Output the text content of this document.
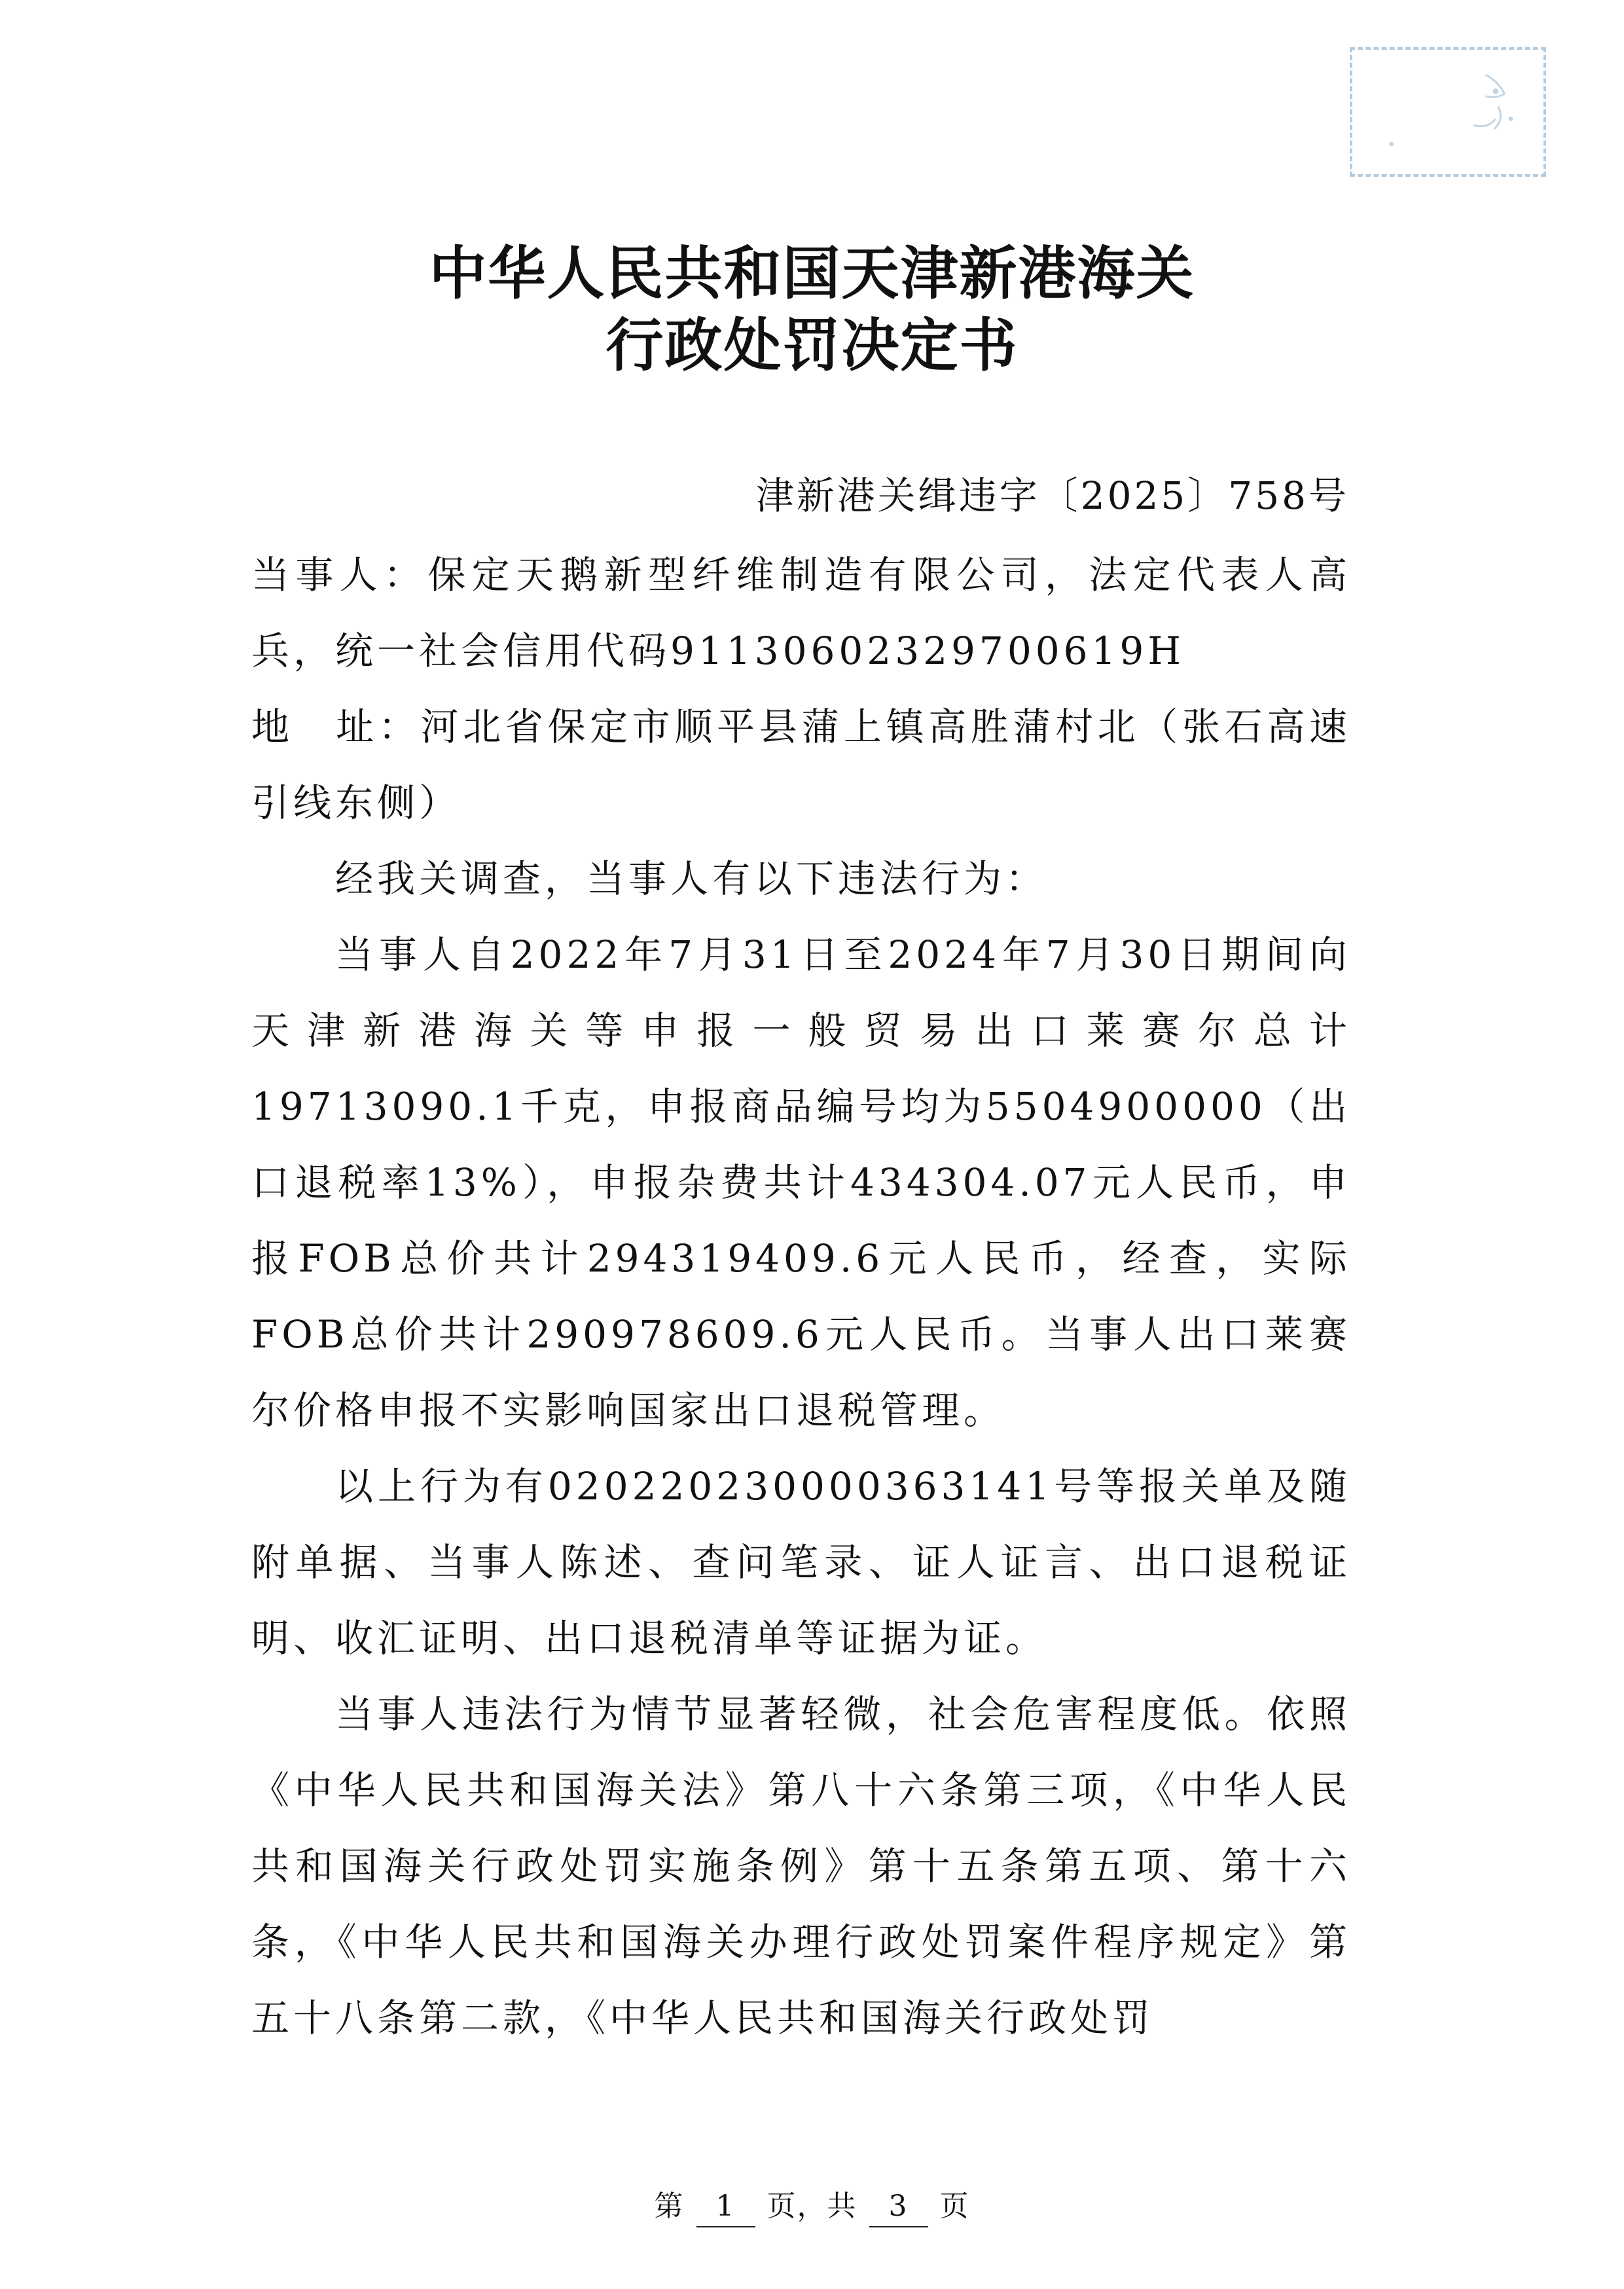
中华人民共和国天津新港海关
行政处罚决定书
津新港关缉违字〔2025〕758号

当事人：保定天鹅新型纤维制造有限公司，法定代表人高兵，统一社会信用代码91130602329700619H

地　址：河北省保定市顺平县蒲上镇高胜蒲村北（张石高速引线东侧）

经我关调查，当事人有以下违法行为：

当事人自2022年7月31日至2024年7月30日期间向天津新港海关等申报一般贸易出口莱赛尔总计19713090.1千克，申报商品编号均为5504900000（出口退税率13%），申报杂费共计434304.07元人民币，申报FOB总价共计294319409.6元人民币，经查，实际FOB总价共计290978609.6元人民币。当事人出口莱赛尔价格申报不实影响国家出口退税管理。

以上行为有020220230000363141号等报关单及随附单据、当事人陈述、查问笔录、证人证言、出口退税证明、收汇证明、出口退税清单等证据为证。

当事人违法行为情节显著轻微，社会危害程度低。依照《中华人民共和国海关法》第八十六条第三项，《中华人民共和国海关行政处罚实施条例》第十五条第五项、第十六条，《中华人民共和国海关办理行政处罚案件程序规定》第五十八条第二款，《中华人民共和国海关行政处罚

第 1 页，共 3 页
